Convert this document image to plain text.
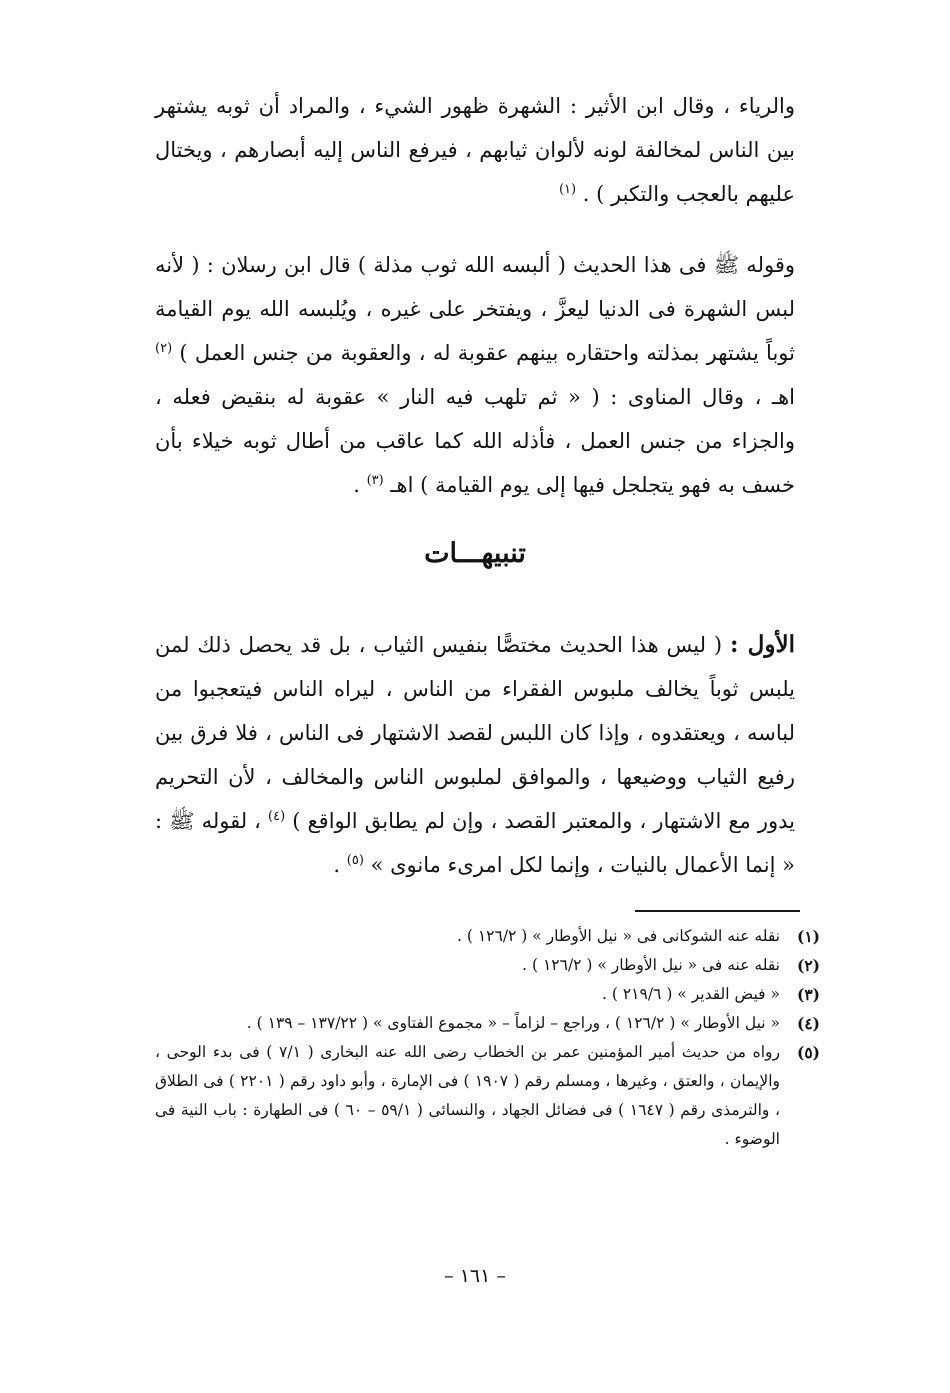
والرياء ، وقال ابن الأثير : الشهرة ظهور الشيء ، والمراد أن ثوبه يشتهر بين الناس لمخالفة لونه لألوان ثيابهم ، فيرفع الناس إليه أبصارهم ، ويختال عليهم بالعجب والتكبر ) . $^{(١)}$

وقوله ﷺ فى هذا الحديث ( ألبسه الله ثوب مذلة ) قال ابن رسلان : ( لأنه لبس الشهرة فى الدنيا ليعزَّ ، ويفتخر على غيره ، ويُلبسه الله يوم القيامة ثوباً يشتهر بمذلته واحتقاره بينهم عقوبة له ، والعقوبة من جنس العمل ) $^{(٢)}$ اهـ ، وقال المناوى : ( « ثم تلهب فيه النار » عقوبة له بنقيض فعله ، والجزاء من جنس العمل ، فأذله الله كما عاقب من أطال ثوبه خيلاء بأن خسف به فهو يتجلجل فيها إلى يوم القيامة ) اهـ $^{(٣)}$ .

تنبيهـــات

الأول : ( ليس هذا الحديث مختصًّا بنفيس الثياب ، بل قد يحصل ذلك لمن يلبس ثوباً يخالف ملبوس الفقراء من الناس ، ليراه الناس فيتعجبوا من لباسه ، ويعتقدوه ، وإذا كان اللبس لقصد الاشتهار فى الناس ، فلا فرق بين رفيع الثياب ووضيعها ، والموافق لملبوس الناس والمخالف ، لأن التحريم يدور مع الاشتهار ، والمعتبر القصد ، وإن لم يطابق الواقع ) $^{(٤)}$ ، لقوله ﷺ : « إنما الأعمال بالنيات ، وإنما لكل امرىء مانوى » $^{(٥)}$ .

(١)
نقله عنه الشوكانى فى « نيل الأوطار » ( ١٢٦/٢ ) .
(٢)
نقله عنه فى « نيل الأوطار » ( ١٢٦/٢ ) .
(٣)
« فيض القدير » ( ٢١٩/٦ ) .
(٤)
« نيل الأوطار » ( ١٢٦/٢ ) ، وراجع – لزاماً – « مجموع الفتاوى » ( ١٣٧/٢٢ – ١٣٩ ) .
(٥)
رواه من حديث أمير المؤمنين عمر بن الخطاب رضى الله عنه البخارى ( ٧/١ ) فى بدء الوحى ، والإيمان ، والعتق ، وغيرها ، ومسلم رقم ( ١٩٠٧ ) فى الإمارة ، وأبو داود رقم ( ٢٢٠١ ) فى الطلاق ، والترمذى رقم ( ١٦٤٧ ) فى فضائل الجهاد ، والنسائى ( ٥٩/١ – ٦٠ ) فى الطهارة : باب النية فى الوضوء .
– ١٦١ –
